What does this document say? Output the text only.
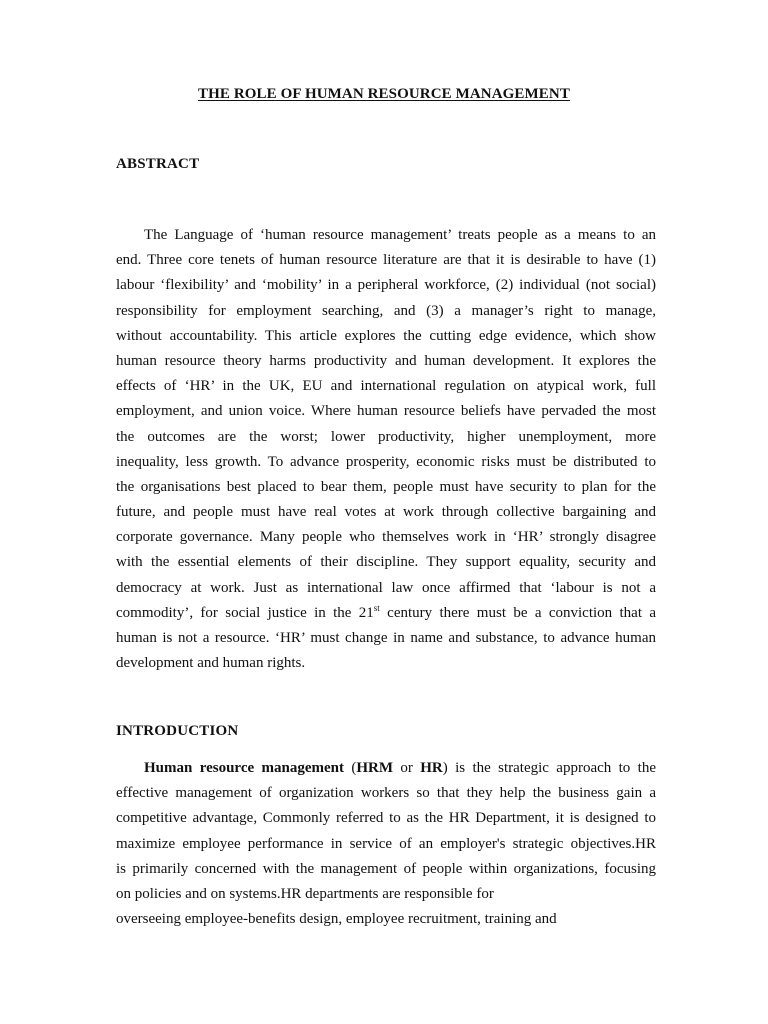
THE ROLE OF HUMAN RESOURCE MANAGEMENT
ABSTRACT
The Language of ‘human resource management’ treats people as a means to an
end. Three core tenets of human resource literature are that it is desirable to have (1)
labour ‘flexibility’ and ‘mobility’ in a peripheral workforce, (2) individual (not social)
responsibility for employment searching, and (3) a manager’s right to manage,
without accountability. This article explores the cutting edge evidence, which show
human resource theory harms productivity and human development. It explores the
effects of ‘HR’ in the UK, EU and international regulation on atypical work, full
employment, and union voice. Where human resource beliefs have pervaded the most
the outcomes are the worst; lower productivity, higher unemployment, more
inequality, less growth. To advance prosperity, economic risks must be distributed to
the organisations best placed to bear them, people must have security to plan for the
future, and people must have real votes at work through collective bargaining and
corporate governance. Many people who themselves work in ‘HR’ strongly disagree
with the essential elements of their discipline. They support equality, security and
democracy at work. Just as international law once affirmed that ‘labour is not a
commodity’, for social justice in the 21st century there must be a conviction that a
human is not a resource. ‘HR’ must change in name and substance, to advance human
development and human rights.
INTRODUCTION
Human resource management (HRM or HR) is the strategic approach to the
effective management of organization workers so that they help the business gain a
competitive advantage, Commonly referred to as the HR Department, it is designed to
maximize employee performance in service of an employer's strategic objectives.HR
is primarily concerned with the management of people within organizations, focusing
on policies and on systems.HR departments are responsible for
overseeing employee-benefits design, employee recruitment, training and
